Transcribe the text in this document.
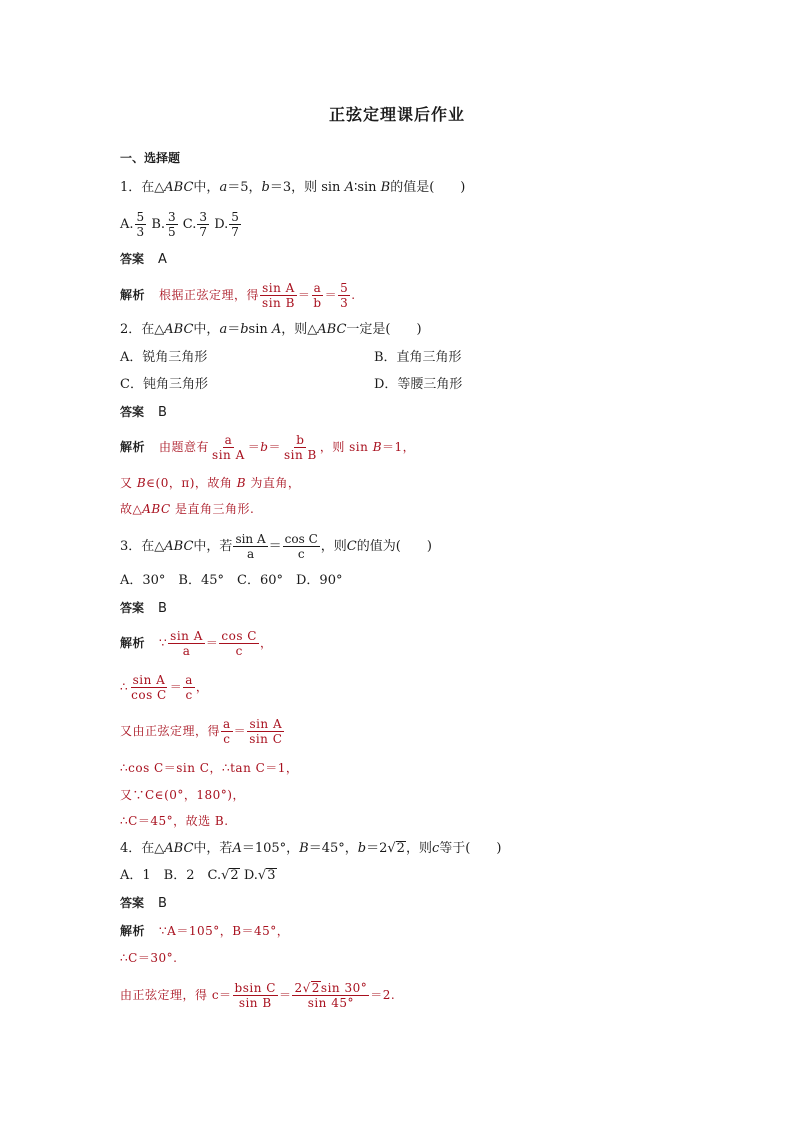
正弦定理课后作业
一、选择题
1．在△ABC中，a＝5，b＝3，则 sin A∶sin B的值是(　　)
A. $\frac{5}{3} B$. $\frac{3}{5} C$. $\frac{3}{7} D$. $\frac{5}{7}$
答案 A
解析 根据正弦定理，得 $\frac{\text{sin A}}{\text{sin B}} = \frac{a}{b} = \frac{5}{3}$ .
2．在△ABC中，a＝bsin A，则△ABC一定是(　　)
A．锐角三角形	B．直角三角形
C．钝角三角形	D．等腰三角形
答案 B
解析 由题意有 $\frac{a}{\text{sin A}} =b= \frac{b}{\text{sin B}}$ ，则 sin B＝1，
又 B∈(0，π)，故角 B 为直角，
故△ABC 是直角三角形.
3．在△ABC中，若 $\frac{\text{sin A}}{a} = \frac{\text{cos C}}{c}$ ，则C的值为(　　)
A．30°　B．45°　C．60°　D．90°
答案 B
解析 ∵ $\frac{\text{sin A}}{a} = \frac{\text{cos C}}{c}$ ，
∴ $\frac{\text{sin A}}{\text{cos C}} = \frac{a}{c}$ ，
又由正弦定理，得 $\frac{a}{c} = \frac{\text{sin A}}{\text{sin C}}$
∴cos C＝sin C，∴tan C＝1，
又∵C∈(0°，180°)，
∴C＝45°，故选 B.
4．在△ABC中，若A＝105°，B＝45°，b＝2√2，则c等于(　　)
A．1　B．2　C.√2 D.√3
答案 B
解析 ∵A＝105°，B＝45°，
∴C＝30°.
由正弦定理，得 $c= \frac{\text{bsin C}}{\text{sin B}} = \frac{2√2\sin 30^\circ}{\sin 45^\circ} =2$.
